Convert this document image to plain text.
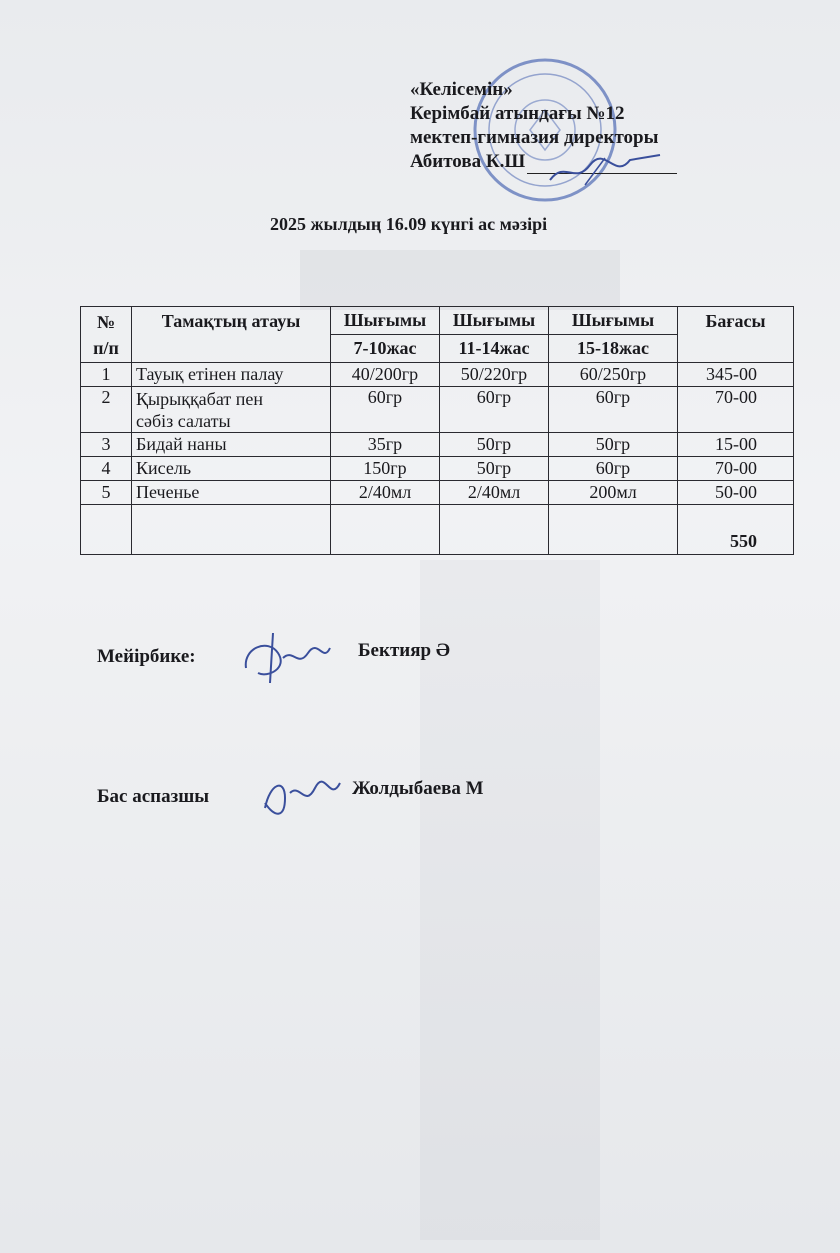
«Келісемін»
Керімбай атындағы №12
мектеп-гимназия директоры
Абитова К.Ш
2025 жылдың 16.09 күнгі ас мәзірі
№
п/п	Тамақтың атауы	Шығымы	Шығымы	Шығымы	Бағасы
		7-10жас	11-14жас	15-18жас	
1	Тауық етінен палау	40/200гр	50/220гр	60/250гр	345-00
2	Қырыққабат пен
сәбіз салаты	60гр	60гр	60гр	70-00
3	Бидай наны	35гр	50гр	50гр	15-00
4	Кисель	150гр	50гр	60гр	70-00
5	Печенье	2/40мл	2/40мл	200мл	50-00
					550
Мейірбике:	Бектияр Ә
Бас аспазшы	Жолдыбаева М
